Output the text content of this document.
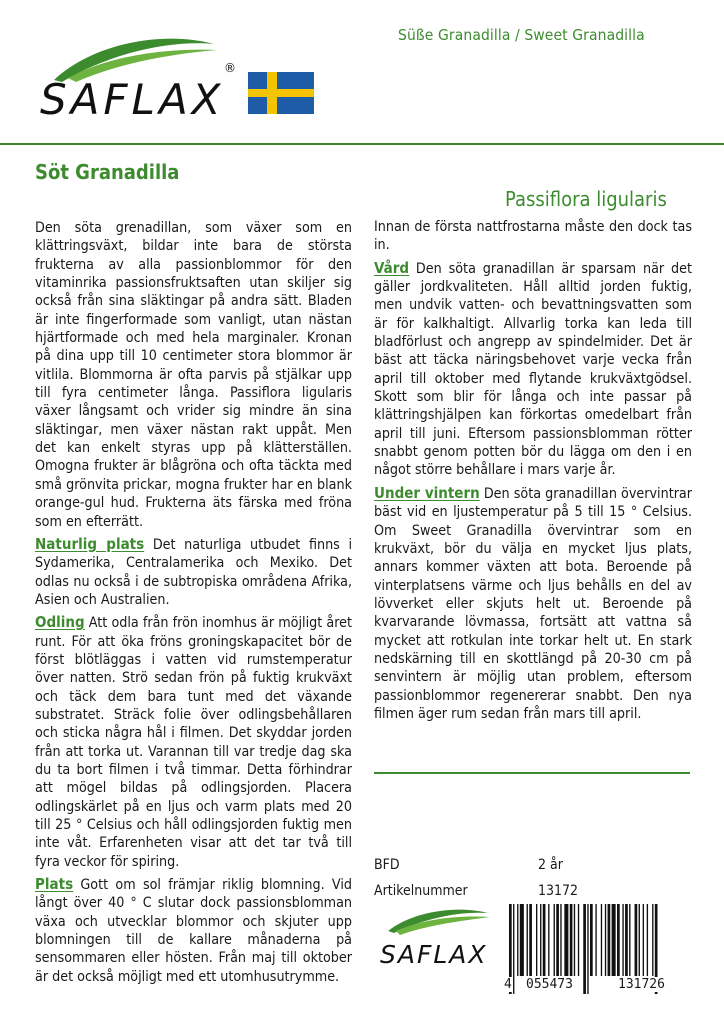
Süße Granadilla / Sweet Granadilla
SAFLAX
®
Söt Granadilla
Passiflora ligularis

Den söta grenadillan, som växer som en klättringsväxt, bildar inte bara de största frukterna av alla passionblommor för den vitaminrika passionsfruktsaften utan skiljer sig också från sina släktingar på andra sätt. Bladen är inte fingerformade som vanligt, utan nästan hjärtformade och med hela marginaler. Kronan på dina upp till 10 centimeter stora blommor är vitlila. Blommorna är ofta parvis på stjälkar upp till fyra centimeter långa. Passiflora ligularis växer långsamt och vrider sig mindre än sina släktingar, men växer nästan rakt uppåt. Men det kan enkelt styras upp på klätterställen. Omogna frukter är blågröna och ofta täckta med små grönvita prickar, mogna frukter har en blank orange-gul hud. Frukterna äts färska med fröna som en efterrätt.

Naturlig plats Det naturliga utbudet finns i Sydamerika, Centralamerika och Mexiko. Det odlas nu också i de subtropiska områdena Afrika, Asien och Australien.

Odling Att odla från frön inomhus är möjligt året runt. För att öka fröns groningskapacitet bör de först blötläggas i vatten vid rumstemperatur över natten. Strö sedan frön på fuktig krukväxt och täck dem bara tunt med det växande substratet. Sträck folie över odlingsbehållaren och sticka några hål i filmen. Det skyddar jorden från att torka ut. Varannan till var tredje dag ska du ta bort filmen i två timmar. Detta förhindrar att mögel bildas på odlingsjorden. Placera odlingskärlet på en ljus och varm plats med 20 till 25 ° Celsius och håll odlingsjorden fuktig men inte våt. Erfarenheten visar att det tar två till fyra veckor för spiring.

Plats Gott om sol främjar riklig blomning. Vid långt över 40 ° C slutar dock passionsblomman växa och utvecklar blommor och skjuter upp blomningen till de kallare månaderna på sensommaren eller hösten. Från maj till oktober är det också möjligt med ett utomhusutrymme.

Innan de första nattfrostarna måste den dock tas in.

Vård Den söta granadillan är sparsam när det gäller jordkvaliteten. Håll alltid jorden fuktig, men undvik vatten- och bevattningsvatten som är för kalkhaltigt. Allvarlig torka kan leda till bladförlust och angrepp av spindelmider. Det är bäst att täcka näringsbehovet varje vecka från april till oktober med flytande krukväxtgödsel. Skott som blir för långa och inte passar på klättringshjälpen kan förkortas omedelbart från april till juni. Eftersom passionsblomman rötter snabbt genom potten bör du lägga om den i en något större behållare i mars varje år.

Under vintern Den söta granadillan övervintrar bäst vid en ljustemperatur på 5 till 15 ° Celsius. Om Sweet Granadilla övervintrar som en krukväxt, bör du välja en mycket ljus plats, annars kommer växten att bota. Beroende på vinterplatsens värme och ljus behålls en del av lövverket eller skjuts helt ut. Beroende på kvarvarande lövmassa, fortsätt att vattna så mycket att rotkulan inte torkar helt ut. En stark nedskärning till en skottlängd på 20-30 cm på senvintern är möjlig utan problem, eftersom passionblommor regenererar snabbt. Den nya filmen äger rum sedan från mars till april.

BFD	2 år
Artikelnummer	13172
SAFLAX
4 055473	131726
